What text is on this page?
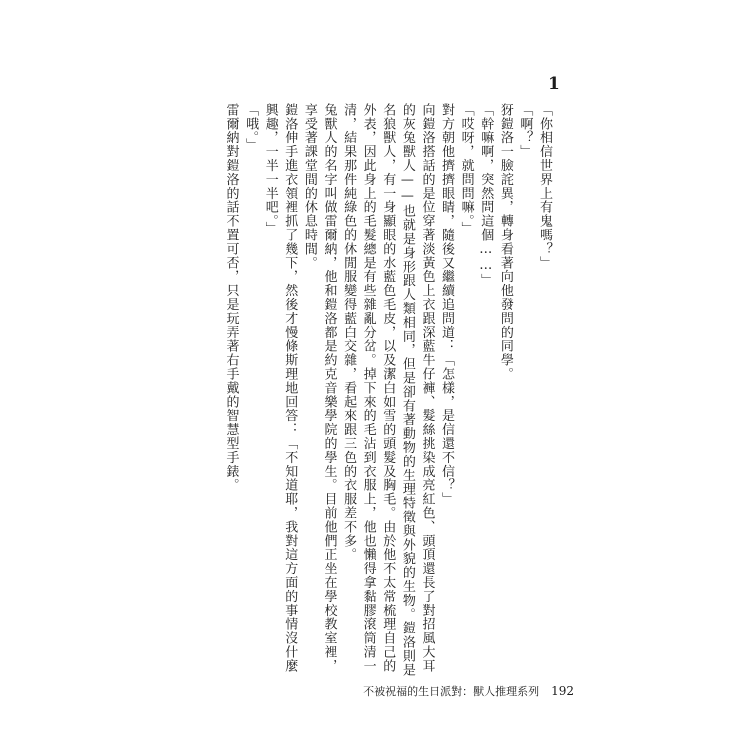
1

「你相信世界上有鬼嗎？」

「啊？」

犽鎧洛一臉詫異，轉身看著向他發問的同學。

「幹嘛啊，突然問這個……」

「哎呀，就問問嘛。」

對方朝他擠擠眼睛，隨後又繼續追問道：「怎樣，是信還不信？」

向鎧洛搭話的是位穿著淡黃色上衣跟深藍牛仔褲、髮絲挑染成亮紅色、頭頂還長了對招風大耳的灰兔獸人——也就是身形跟人類相同，但是卻有著動物的生理特徵與外貌的生物。鎧洛則是名狼獸人，有一身顯眼的水藍色毛皮，以及潔白如雪的頭髮及胸毛。由於他不太常梳理自己的外表，因此身上的毛髮總是有些雜亂分岔。掉下來的毛沾到衣服上，他也懶得拿黏膠滾筒清一清，結果那件純綠色的休閒服變得藍白交雜，看起來跟三色的衣服差不多。

兔獸人的名字叫做雷爾納，他和鎧洛都是約克音樂學院的學生。目前他們正坐在學校教室裡，享受著課堂間的休息時間。

鎧洛伸手進衣領裡抓了幾下，然後才慢條斯理地回答：「不知道耶，我對這方面的事情沒什麼興趣，一半一半吧。」

「哦。」

雷爾納對鎧洛的話不置可否，只是玩弄著右手戴的智慧型手錶。

不被祝福的生日派對：獸人推理系列 192
